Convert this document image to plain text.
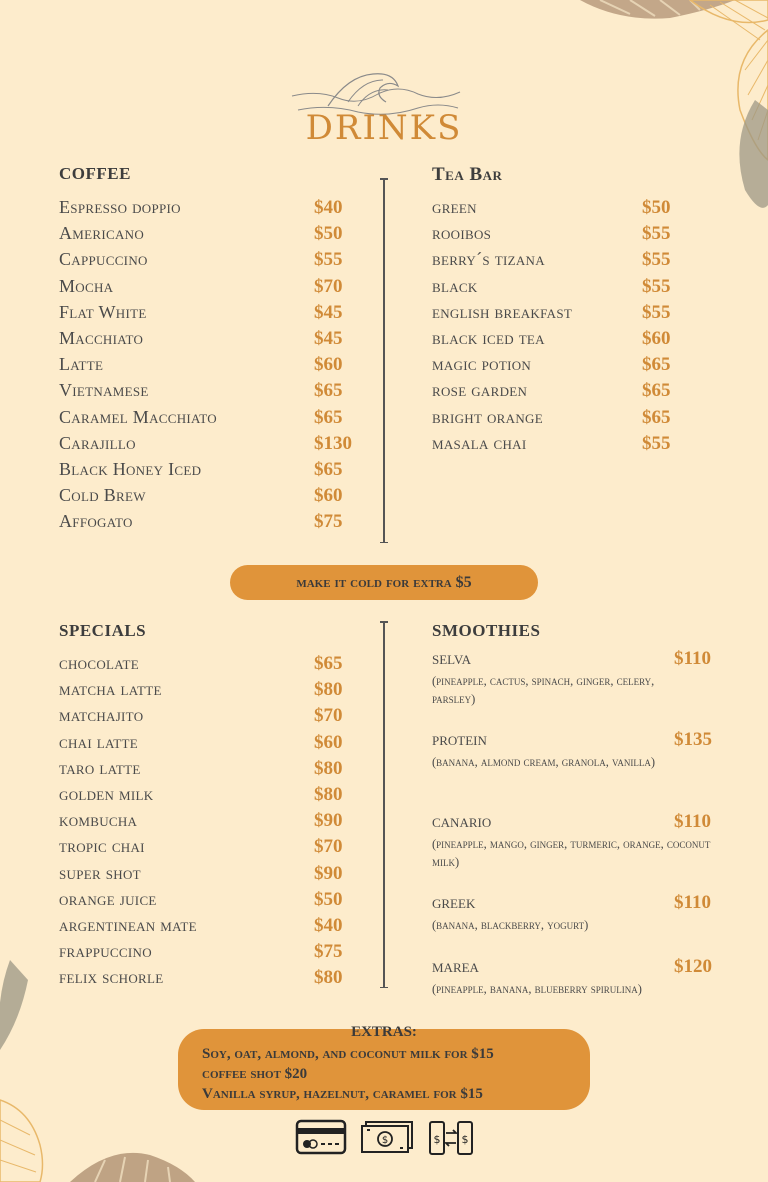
DRINKS
COFFEE
Espresso doppio	$40
Americano	$50
Cappuccino	$55
Mocha	$70
Flat White	$45
Macchiato	$45
Latte	$60
Vietnamese	$65
Caramel Macchiato	$65
Carajillo	$130
Black Honey Iced	$65
Cold Brew	$60
Affogato	$75
Tea Bar
green	$50
rooibos	$55
berry´s tizana	$55
black	$55
english breakfast	$55
black iced tea	$60
magic potion	$65
rose garden	$65
bright orange	$65
masala chai	$55
make it cold for extra $5
SPECIALS
chocolate	$65
matcha latte	$80
matchajito	$70
chai latte	$60
taro latte	$80
golden milk	$80
kombucha	$90
tropic chai	$70
super shot	$90
orange juice	$50
argentinean mate	$40
frappuccino	$75
felix schorle	$80
SMOOTHIES
selva	$110
(pineapple, cactus, spinach, ginger, celery, parsley)
protein	$135
(banana, almond cream, granola, vanilla)
canario	$110
(pineapple, mango, ginger, turmeric, orange, coconut milk)
greek	$110
(banana, blackberry, yogurt)
marea	$120
(pineapple, banana, blueberry spirulina)
Soy, oat, almond, and coconut milk for $15
coffee shot $20
Vanilla syrup, hazelnut, caramel for $15
EXTRAS:
$	$ $
